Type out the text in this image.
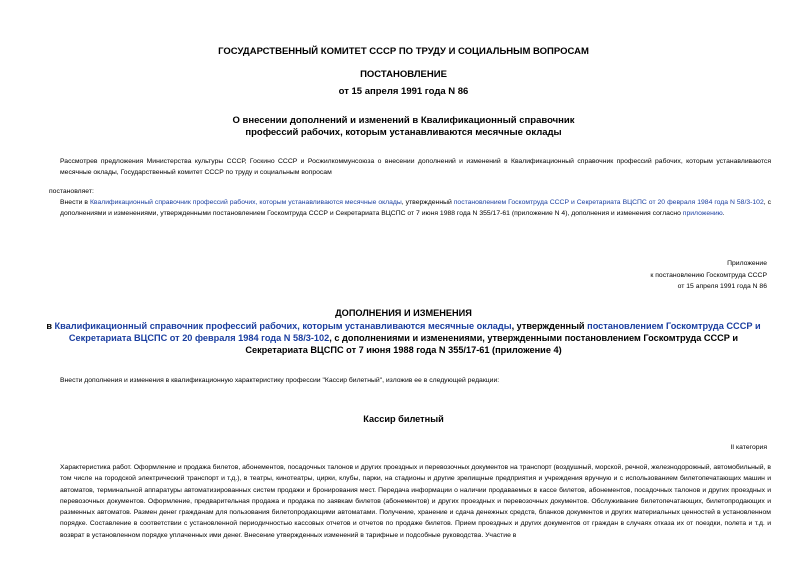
ГОСУДАРСТВЕННЫЙ КОМИТЕТ СССР ПО ТРУДУ И СОЦИАЛЬНЫМ ВОПРОСАМ
ПОСТАНОВЛЕНИЕ
от 15 апреля 1991 года N 86
О внесении дополнений и изменений в Квалификационный справочник
профессий рабочих, которым устанавливаются месячные оклады
Рассмотрев предложения Министерства культуры СССР, Госкино СССР и Росжилкоммунсоюза о внесении дополнений и изменений в Квалификационный справочник профессий рабочих, которым устанавливаются месячные оклады, Государственный комитет СССР по труду и социальным вопросам
постановляет:
Внести в Квалификационный справочник профессий рабочих, которым устанавливаются месячные оклады, утвержденный постановлением Госкомтруда СССР и Секретариата ВЦСПС от 20 февраля 1984 года N 58/3-102, с дополнениями и изменениями, утвержденными постановлением Госкомтруда СССР и Секретариата ВЦСПС от 7 июня 1988 года N 355/17-61 (приложение N 4), дополнения и изменения согласно приложению.
Приложение
к постановлению Госкомтруда СССР
от 15 апреля 1991 года N 86
ДОПОЛНЕНИЯ И ИЗМЕНЕНИЯ
в Квалификационный справочник профессий рабочих, которым устанавливаются месячные оклады, утвержденный постановлением Госкомтруда СССР и Секретариата ВЦСПС от 20 февраля 1984 года N 58/3-102, с дополнениями и изменениями, утвержденными постановлением Госкомтруда СССР и Секретариата ВЦСПС от 7 июня 1988 года N 355/17-61 (приложение 4)
Внести дополнения и изменения в квалификационную характеристику профессии "Кассир билетный", изложив ее в следующей редакции:
Кассир билетный
II категория
Характеристика работ. Оформление и продажа билетов, абонементов, посадочных талонов и других проездных и перевозочных документов на транспорт (воздушный, морской, речной, железнодорожный, автомобильный, в том числе на городской электрический транспорт и т.д.), в театры, кинотеатры, цирки, клубы, парки, на стадионы и другие зрелищные предприятия и учреждения вручную и с использованием билетопечатающих машин и автоматов, терминальной аппаратуры автоматизированных систем продажи и бронирования мест. Передача информации о наличии продаваемых в кассе билетов, абонементов, посадочных талонов и других проездных и перевозочных документов. Оформление, предварительная продажа и продажа по заявкам билетов (абонементов) и других проездных и перевозочных документов. Обслуживание билетопечатающих, билетопродающих и разменных автоматов. Размен денег гражданам для пользования билетопродающими автоматами. Получение, хранение и сдача денежных средств, бланков документов и других материальных ценностей в установленном порядке. Составление в соответствии с установленной периодичностью кассовых отчетов и отчетов по продаже билетов. Прием проездных и других документов от граждан в случаях отказа их от поездки, полета и т.д. и возврат в установленном порядке уплаченных ими денег. Внесение утвержденных изменений в тарифные и подсобные руководства. Участие в
